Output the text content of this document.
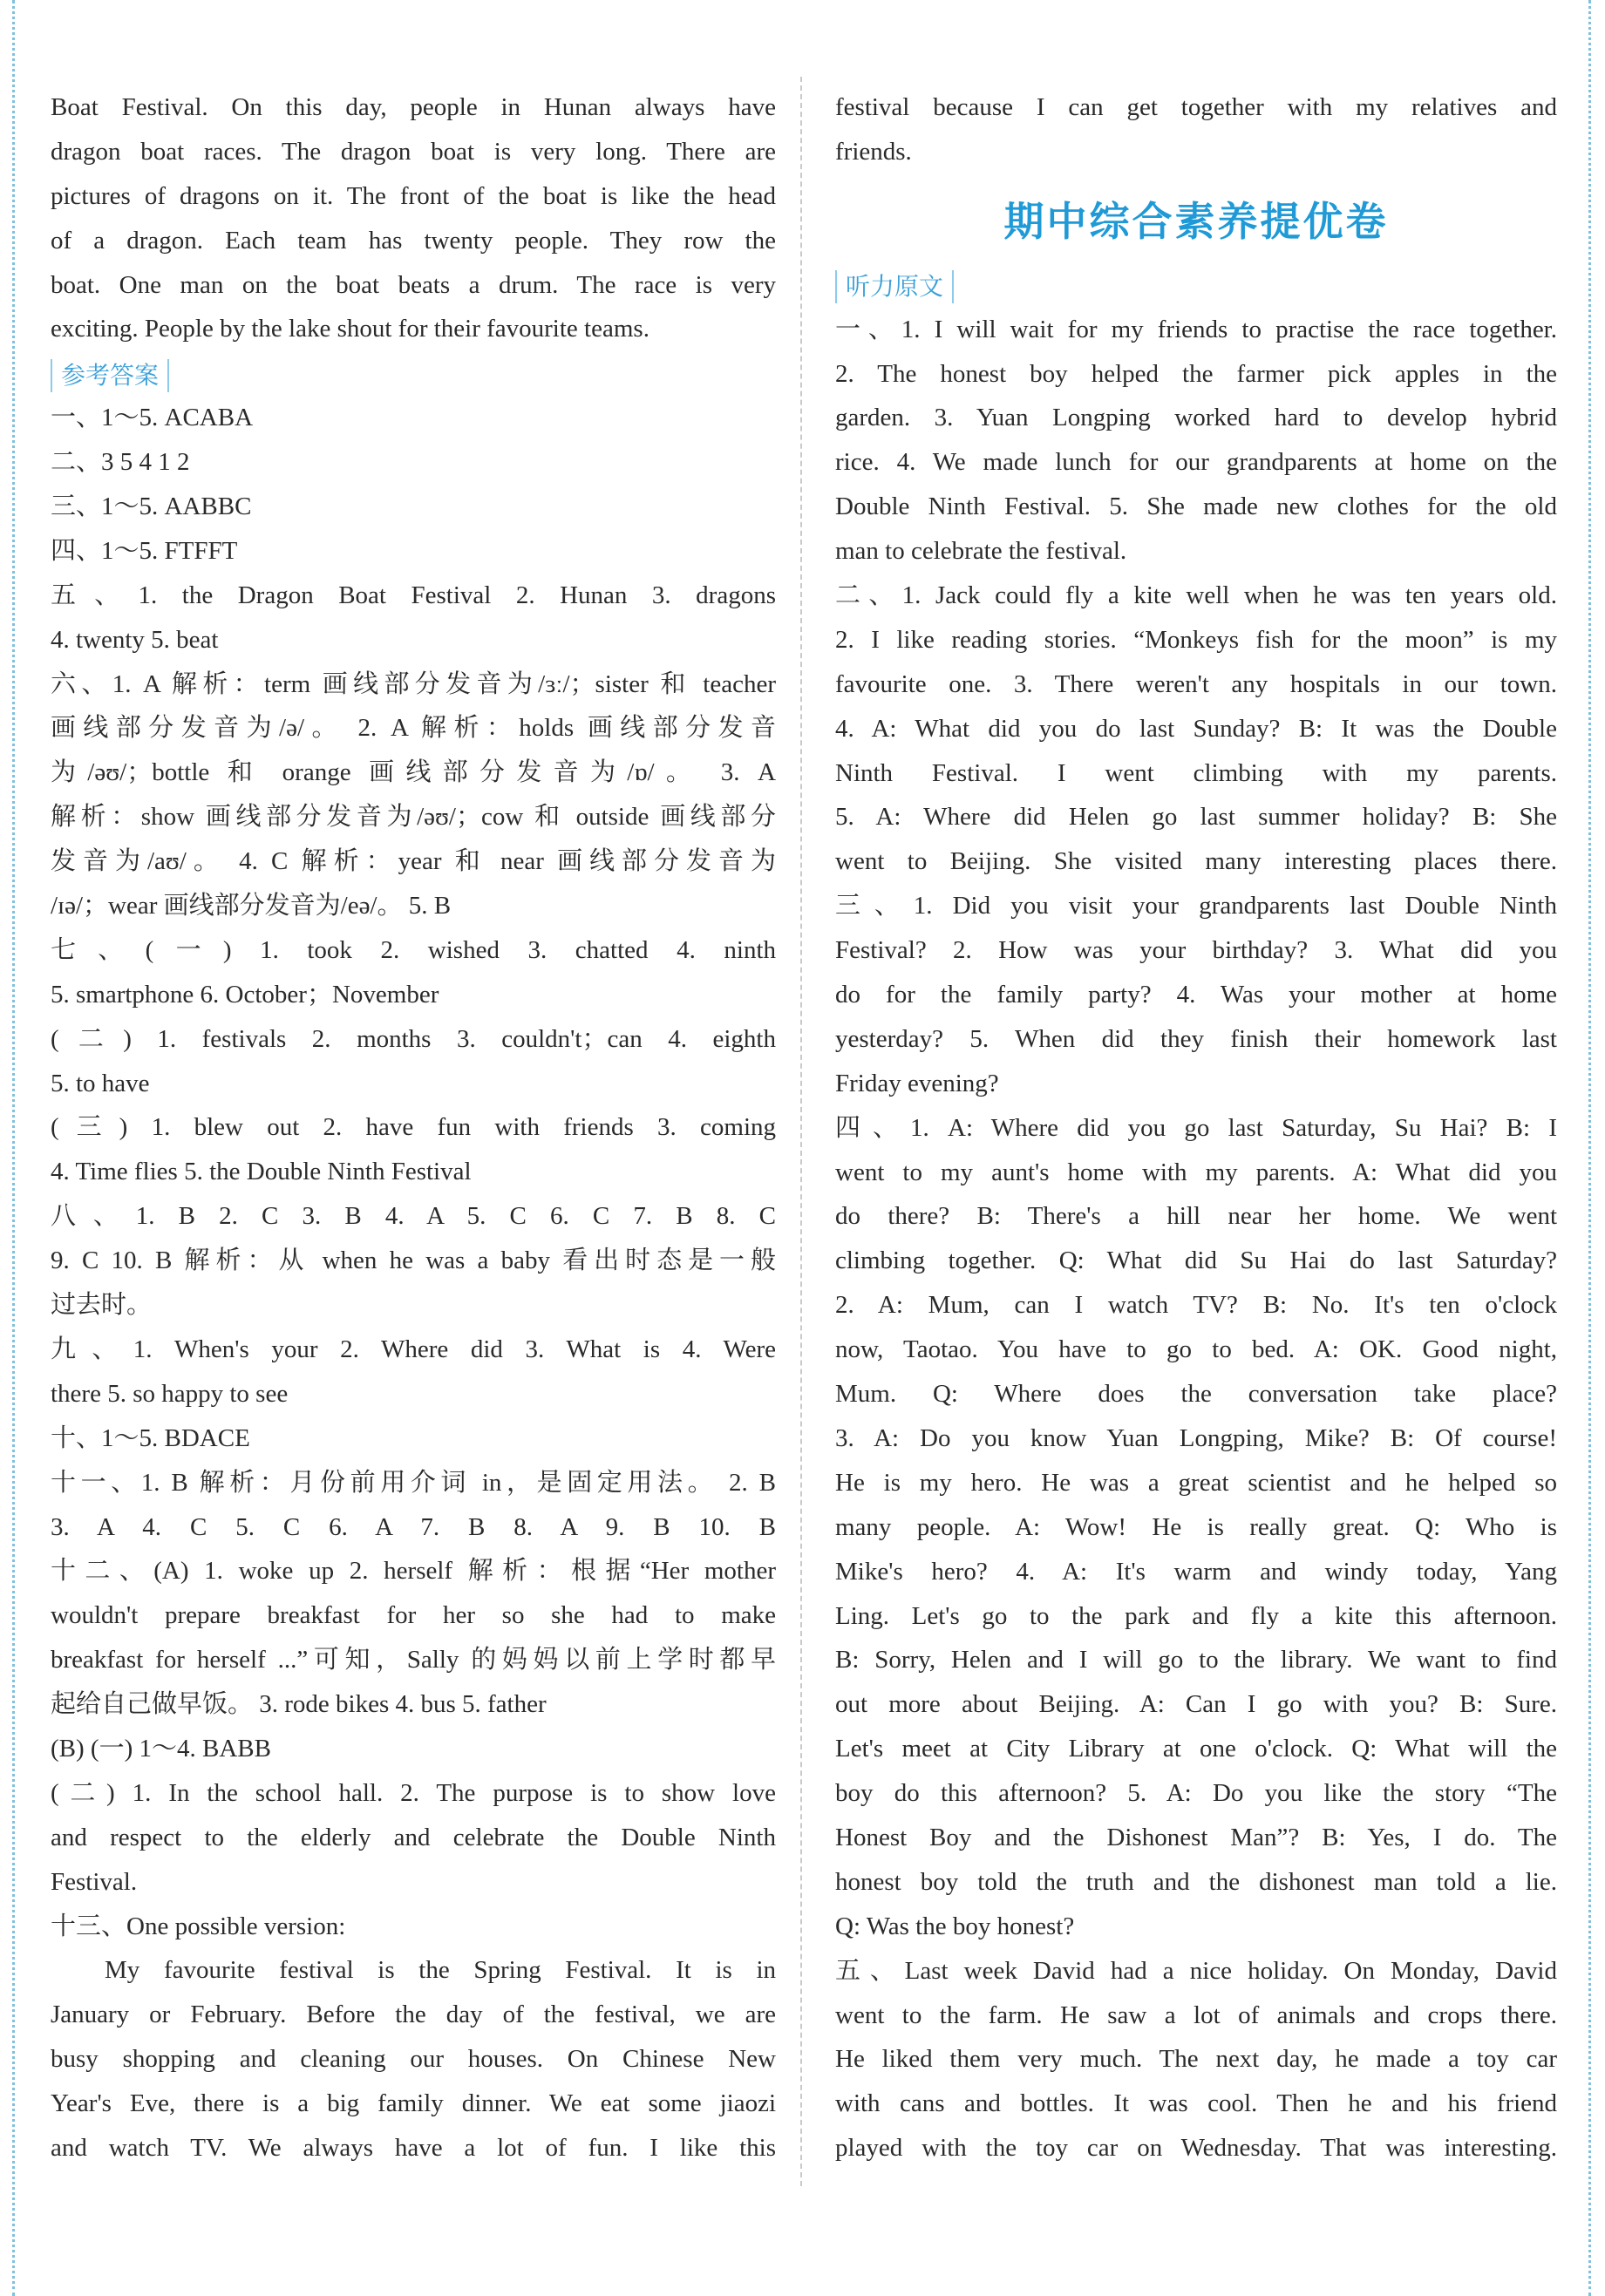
Boat Festival. On this day, people in Hunan always have
dragon boat races. The dragon boat is very long. There are
pictures of dragons on it. The front of the boat is like the head
of a dragon. Each team has twenty people. They row the
boat. One man on the boat beats a drum. The race is very
exciting. People by the lake shout for their favourite teams.
参考答案
一、1～5. ACABA
二、3 5 4 1 2
三、1～5. AABBC
四、1～5. FTFFT
五、1. the Dragon Boat Festival 2. Hunan 3. dragons
4. twenty 5. beat
六、1. A 解析：term 画线部分发音为/ɜː/；sister 和 teacher
画线部分发音为/ə/。 2. A 解析：holds 画线部分发音
为/əʊ/；bottle 和 orange 画线部分发音为/ɒ/。 3. A
解析：show 画线部分发音为/əʊ/；cow 和 outside 画线部分
发音为/aʊ/。 4. C 解析：year 和 near 画线部分发音为
/ɪə/；wear 画线部分发音为/eə/。 5. B
七、(一) 1. took 2. wished 3. chatted 4. ninth
5. smartphone 6. October；November
(二) 1. festivals 2. months 3. couldn't；can 4. eighth
5. to have
(三) 1. blew out 2. have fun with friends 3. coming
4. Time flies 5. the Double Ninth Festival
八、1. B 2. C 3. B 4. A 5. C 6. C 7. B 8. C
9. C 10. B 解析：从 when he was a baby 看出时态是一般
过去时。
九、1. When's your 2. Where did 3. What is 4. Were
there 5. so happy to see
十、1～5. BDACE
十一、1. B 解析：月份前用介词 in，是固定用法。 2. B
3. A 4. C 5. C 6. A 7. B 8. A 9. B 10. B
十二、(A) 1. woke up 2. herself 解析：根据“Her mother
wouldn't prepare breakfast for her so she had to make
breakfast for herself ...”可知，Sally 的妈妈以前上学时都早
起给自己做早饭。 3. rode bikes 4. bus 5. father
(B) (一) 1～4. BABB
(二) 1. In the school hall. 2. The purpose is to show love
and respect to the elderly and celebrate the Double Ninth
Festival.
十三、One possible version:
My favourite festival is the Spring Festival. It is in
January or February. Before the day of the festival, we are
busy shopping and cleaning our houses. On Chinese New
Year's Eve, there is a big family dinner. We eat some jiaozi
and watch TV. We always have a lot of fun. I like this
festival because I can get together with my relatives and
friends.
期中综合素养提优卷
听力原文
一、1. I will wait for my friends to practise the race together.
2. The honest boy helped the farmer pick apples in the
garden. 3. Yuan Longping worked hard to develop hybrid
rice. 4. We made lunch for our grandparents at home on the
Double Ninth Festival. 5. She made new clothes for the old
man to celebrate the festival.
二、1. Jack could fly a kite well when he was ten years old.
2. I like reading stories. “Monkeys fish for the moon” is my
favourite one. 3. There weren't any hospitals in our town.
4. A: What did you do last Sunday? B: It was the Double
Ninth Festival. I went climbing with my parents.
5. A: Where did Helen go last summer holiday? B: She
went to Beijing. She visited many interesting places there.
三、1. Did you visit your grandparents last Double Ninth
Festival? 2. How was your birthday? 3. What did you
do for the family party? 4. Was your mother at home
yesterday? 5. When did they finish their homework last
Friday evening?
四、1. A: Where did you go last Saturday, Su Hai? B: I
went to my aunt's home with my parents. A: What did you
do there? B: There's a hill near her home. We went
climbing together. Q: What did Su Hai do last Saturday?
2. A: Mum, can I watch TV? B: No. It's ten o'clock
now, Taotao. You have to go to bed. A: OK. Good night,
Mum. Q: Where does the conversation take place?
3. A: Do you know Yuan Longping, Mike? B: Of course!
He is my hero. He was a great scientist and he helped so
many people. A: Wow! He is really great. Q: Who is
Mike's hero? 4. A: It's warm and windy today, Yang
Ling. Let's go to the park and fly a kite this afternoon.
B: Sorry, Helen and I will go to the library. We want to find
out more about Beijing. A: Can I go with you? B: Sure.
Let's meet at City Library at one o'clock. Q: What will the
boy do this afternoon? 5. A: Do you like the story “The
Honest Boy and the Dishonest Man”? B: Yes, I do. The
honest boy told the truth and the dishonest man told a lie.
Q: Was the boy honest?
五、Last week David had a nice holiday. On Monday, David
went to the farm. He saw a lot of animals and crops there.
He liked them very much. The next day, he made a toy car
with cans and bottles. It was cool. Then he and his friend
played with the toy car on Wednesday. That was interesting.
